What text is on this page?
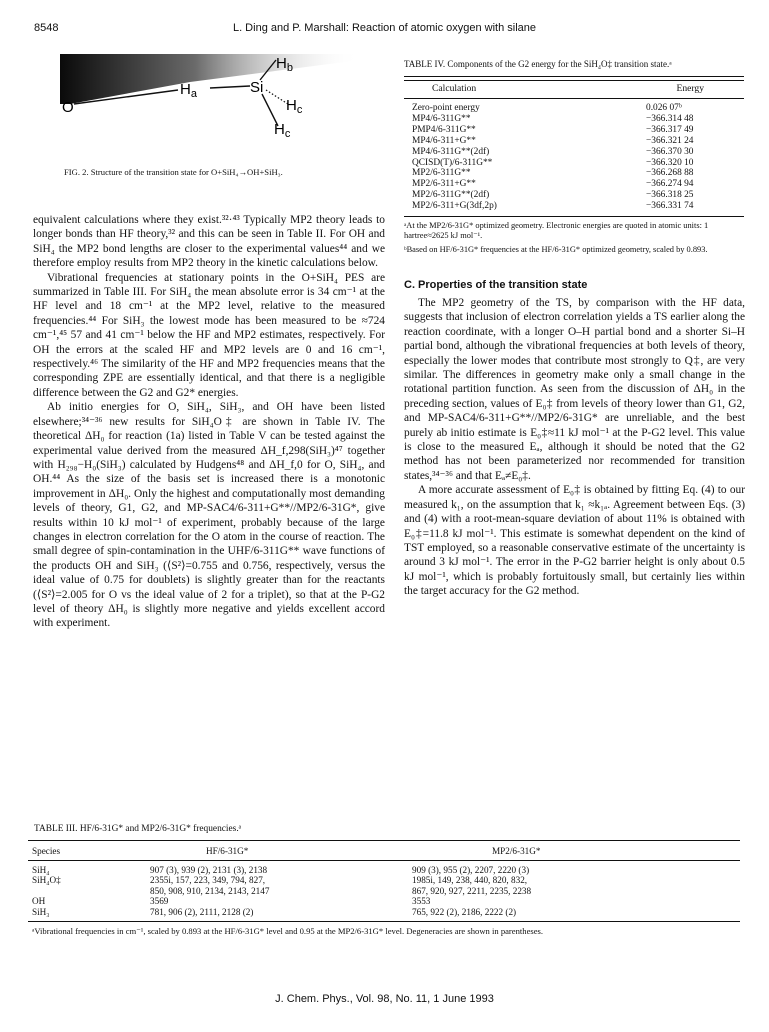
8548	L. Ding and P. Marshall: Reaction of atomic oxygen with silane
O
$H_a$	Si
$H_b$
$H_c$
$H_c$
FIG. 2. Structure of the transition state for O+SiH₄→OH+SiH₃.

equivalent calculations where they exist.³²·⁴³ Typically MP2 theory leads to longer bonds than HF theory,³² and this can be seen in Table II. For OH and SiH₄ the MP2 bond lengths are closer to the experimental values⁴⁴ and we therefore employ results from MP2 theory in the kinetic calculations below.

Vibrational frequencies at stationary points in the O+SiH₄ PES are summarized in Table III. For SiH₄ the mean absolute error is 34 cm⁻¹ at the HF level and 18 cm⁻¹ at the MP2 level, relative to the measured frequencies.⁴⁴ For SiH₃ the lowest mode has been measured to be ≈724 cm⁻¹,⁴⁵ 57 and 41 cm⁻¹ below the HF and MP2 estimates, respectively. For OH the errors at the scaled HF and MP2 levels are 0 and 16 cm⁻¹, respectively.⁴⁶ The similarity of the HF and MP2 frequencies means that the corresponding ZPE are essentially identical, and that there is a negligible difference between the G2 and G2* energies.

Ab initio energies for O, SiH₄, SiH₃, and OH have been listed elsewhere;³⁴⁻³⁶ new results for SiH₄O‡ are shown in Table IV. The theoretical ΔH₀ for reaction (1a) listed in Table V can be tested against the experimental value derived from the measured ΔH_f,298(SiH₃)⁴⁷ together with H₂₉₈−H₀(SiH₃) calculated by Hudgens⁴⁸ and ΔH_f,0 for O, SiH₄, and OH.⁴⁴ As the size of the basis set is increased there is a monotonic improvement in ΔH₀. Only the highest and computationally most demanding levels of theory, G1, G2, and MP-SAC4/6-311+G**//MP2/6-31G*, give results within 10 kJ mol⁻¹ of experiment, probably because of the large changes in electron correlation for the O atom in the course of reaction. The small degree of spin-contamination in the UHF/6-311G** wave functions of the products OH and SiH₃ (⟨S²⟩=0.755 and 0.756, respectively, versus the ideal value of 0.75 for doublets) is slightly greater than for the reactants (⟨S²⟩=2.005 for O vs the ideal value of 2 for a triplet), so that at the P-G2 level of theory ΔH₀ is slightly more negative and yields excellent accord with experiment.

TABLE IV. Components of the G2 energy for the SiH₄O‡ transition state.ᵃ
Calculation	Energy
Zero-point energy	0.026 07ᵇ
MP4/6-311G**	−366.314 48
PMP4/6-311G**	−366.317 49
MP4/6-311+G**	−366.321 24
MP4/6-311G**(2df)	−366.370 30
QCISD(T)/6-311G**	−366.320 10
MP2/6-311G**	−366.268 88
MP2/6-311+G**	−366.274 94
MP2/6-311G**(2df)	−366.318 25
MP2/6-311+G(3df,2p)	−366.331 74
ᵃAt the MP2/6-31G* optimized geometry. Electronic energies are quoted in atomic units: 1 hartree≈2625 kJ mol⁻¹.
ᵇBased on HF/6-31G* frequencies at the HF/6-31G* optimized geometry, scaled by 0.893.
C. Properties of the transition state

The MP2 geometry of the TS, by comparison with the HF data, suggests that inclusion of electron correlation yields a TS earlier along the reaction coordinate, with a longer O–H partial bond and a shorter Si–H partial bond, although the vibrational frequencies at both levels of theory, especially the lower modes that contribute most strongly to Q‡, are very similar. The differences in geometry make only a small change in the rotational partition function. As seen from the discussion of ΔH₀ in the preceding section, values of E₀‡ from levels of theory lower than G1, G2, and MP-SAC4/6-311+G**//MP2/6-31G* are unreliable, and the best purely ab initio estimate is E₀‡≈11 kJ mol⁻¹ at the P-G2 level. This value is close to the measured Eₐ, although it should be noted that the G2 method has not been parameterized nor recommended for transition states,³⁴⁻³⁶ and that Eₐ≠E₀‡.

A more accurate assessment of E₀‡ is obtained by fitting Eq. (4) to our measured k₁, on the assumption that k₁ ≈k₁ₐ. Agreement between Eqs. (3) and (4) with a root-mean-square deviation of about 11% is obtained with E₀‡=11.8 kJ mol⁻¹. This estimate is somewhat dependent on the kind of TST employed, so a reasonable conservative estimate of the uncertainty is around 3 kJ mol⁻¹. The error in the P-G2 barrier height is only about 0.5 kJ mol⁻¹, which is probably fortuitously small, but certainly lies within the target accuracy for the G2 method.

TABLE III. HF/6-31G* and MP2/6-31G* frequencies.ᵃ
Species	HF/6-31G*	MP2/6-31G*
SiH₄	907 (3), 939 (2), 2131 (3), 2138	909 (3), 955 (2), 2207, 2220 (3)
SiH₄O‡	2355i, 157, 223, 349, 794, 827,	1985i, 149, 238, 440, 820, 832,
	850, 908, 910, 2134, 2143, 2147	867, 920, 927, 2211, 2235, 2238
OH	3569	3553
SiH₃	781, 906 (2), 2111, 2128 (2)	765, 922 (2), 2186, 2222 (2)
ᵃVibrational frequencies in cm⁻¹, scaled by 0.893 at the HF/6-31G* level and 0.95 at the MP2/6-31G* level. Degeneracies are shown in parentheses.
J. Chem. Phys., Vol. 98, No. 11, 1 June 1993
